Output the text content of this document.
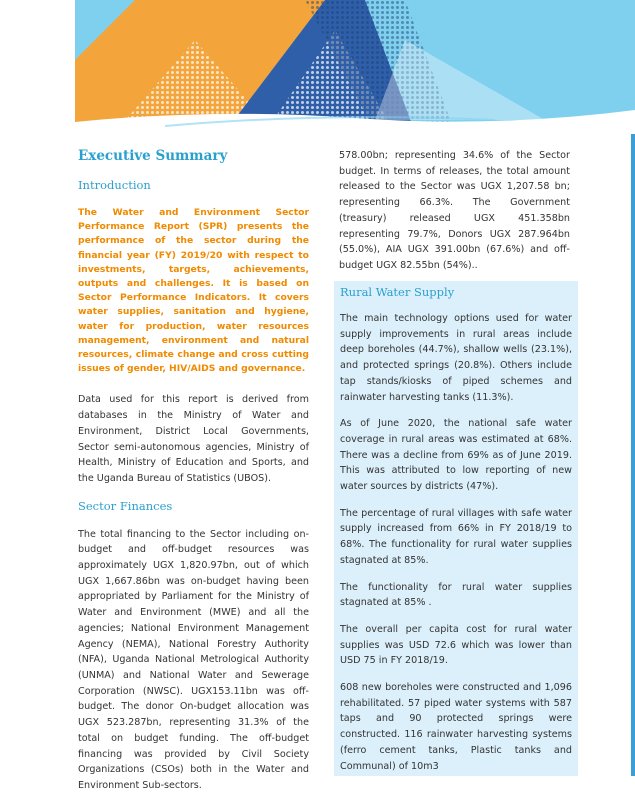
Executive Summary
Introduction

The Water and Environment Sector Performance Report (SPR) presents the performance of the sector during the financial year (FY) 2019/20 with respect to investments, targets, achievements, outputs and challenges. It is based on Sector Performance Indicators. It covers water supplies, sanitation and hygiene, water for production, water resources management, environment and natural resources, climate change and cross cutting issues of gender, HIV/AIDS and governance.

Data used for this report is derived from databases in the Ministry of Water and Environment, District Local Governments, Sector semi-autonomous agencies, Ministry of Health, Ministry of Education and Sports, and the Uganda Bureau of Statistics (UBOS).

Sector Finances

The total financing to the Sector including on-budget and off-budget resources was approximately UGX 1,820.97bn, out of which UGX 1,667.86bn was on-budget having been appropriated by Parliament for the Ministry of Water and Environment (MWE) and all the agencies; National Environment Management Agency (NEMA), National Forestry Authority (NFA), Uganda National Metrological Authority (UNMA) and National Water and Sewerage Corporation (NWSC). UGX153.11bn was off-budget. The donor On-budget allocation was UGX 523.287bn, representing 31.3% of the total on budget funding. The off-budget financing was provided by Civil Society Organizations (CSOs) both in the Water and Environment Sub-sectors.

578.00bn; representing 34.6% of the Sector budget. In terms of releases, the total amount released to the Sector was UGX 1,207.58 bn; representing 66.3%. The Government (treasury) released UGX 451.358bn representing 79.7%, Donors UGX 287.964bn (55.0%), AIA UGX 391.00bn (67.6%) and off-budget UGX 82.55bn (54%)..

Rural Water Supply

The main technology options used for water supply improvements in rural areas include deep boreholes (44.7%), shallow wells (23.1%), and protected springs (20.8%). Others include tap stands/kiosks of piped schemes and rainwater harvesting tanks (11.3%).

As of June 2020, the national safe water coverage in rural areas was estimated at 68%. There was a decline from 69% as of June 2019. This was attributed to low reporting of new water sources by districts (47%).

The percentage of rural villages with safe water supply increased from 66% in FY 2018/19 to 68%. The functionality for rural water supplies stagnated at 85%.

The functionality for rural water supplies stagnated at 85% .

The overall per capita cost for rural water supplies was USD 72.6 which was lower than USD 75 in FY 2018/19.

608 new boreholes were constructed and 1,096 rehabilitated. 57 piped water systems with 587 taps and 90 protected springs were constructed. 116 rainwater harvesting systems (ferro cement tanks, Plastic tanks and Communal) of 10m3
